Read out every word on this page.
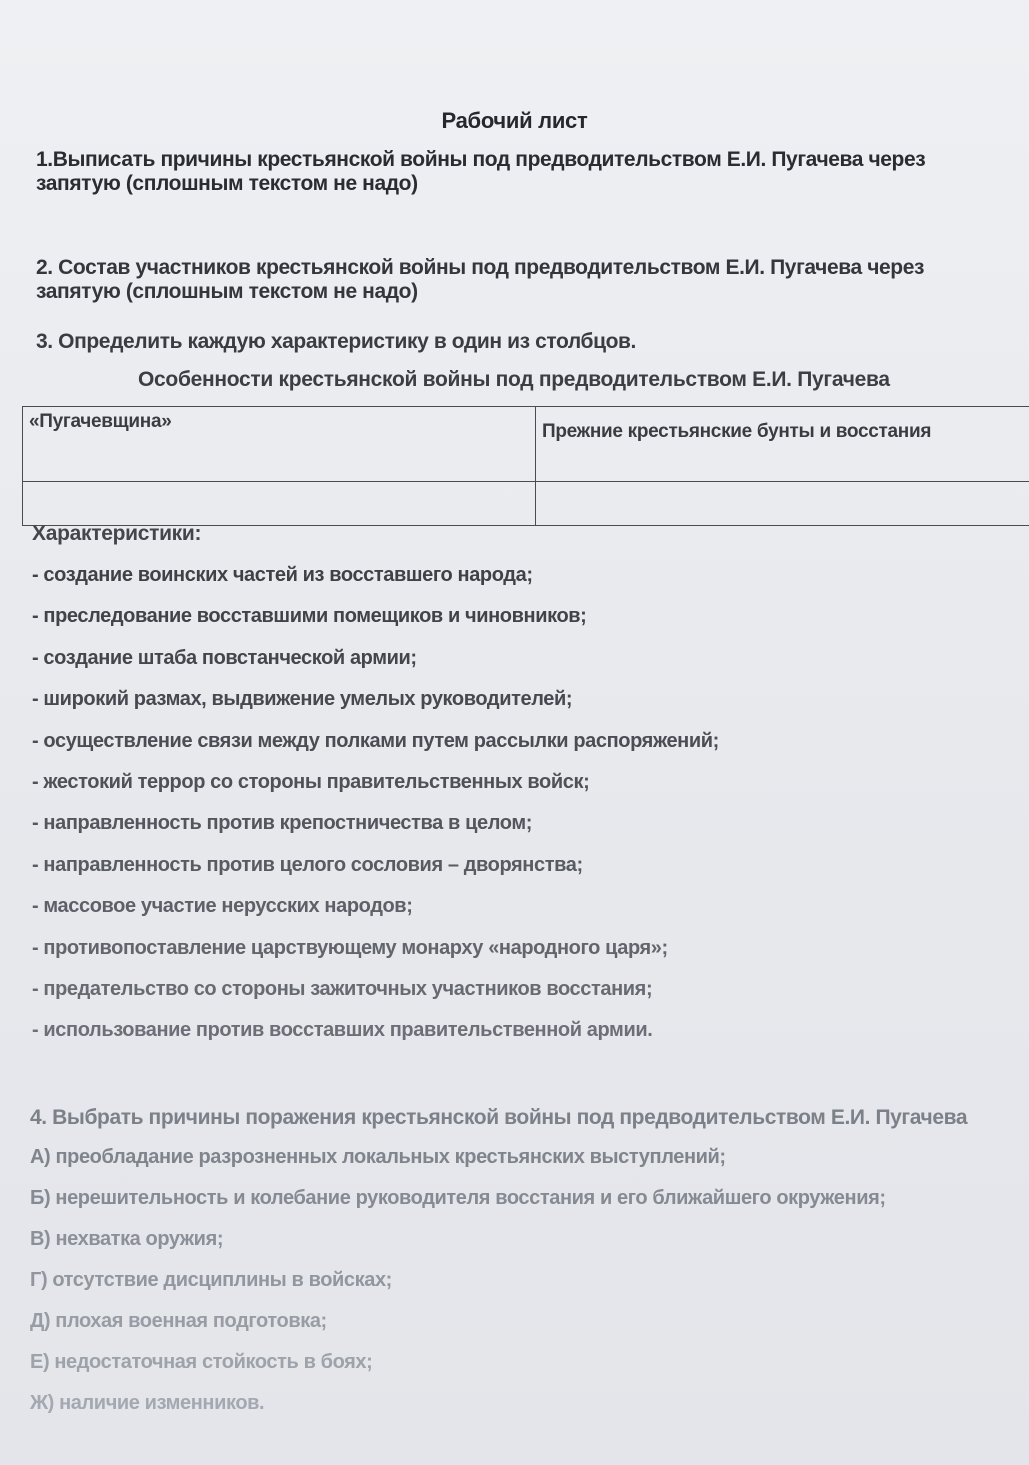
Рабочий лист
1.Выписать причины крестьянской войны под предводительством Е.И. Пугачева через
запятую (сплошным текстом не надо)
2. Состав участников крестьянской войны под предводительством Е.И. Пугачева через
запятую (сплошным текстом не надо)
3. Определить каждую характеристику в один из столбцов.
Особенности крестьянской войны под предводительством Е.И. Пугачева
«Пугачевщина»	Прежние крестьянские бунты и восстания

Характеристики:
- создание воинских частей из восставшего народа;
- преследование восставшими помещиков и чиновников;
- создание штаба повстанческой армии;
- широкий размах, выдвижение умелых руководителей;
- осуществление связи между полками путем рассылки распоряжений;
- жестокий террор со стороны правительственных войск;
- направленность против крепостничества в целом;
- направленность против целого сословия – дворянства;
- массовое участие нерусских народов;
- противопоставление царствующему монарху «народного царя»;
- предательство со стороны зажиточных участников восстания;
- использование против восставших правительственной армии.
4. Выбрать причины поражения крестьянской войны под предводительством Е.И. Пугачева
А) преобладание разрозненных локальных крестьянских выступлений;
Б) нерешительность и колебание руководителя восстания и его ближайшего окружения;
В) нехватка оружия;
Г) отсутствие дисциплины в войсках;
Д) плохая военная подготовка;
Е) недостаточная стойкость в боях;
Ж) наличие изменников.
